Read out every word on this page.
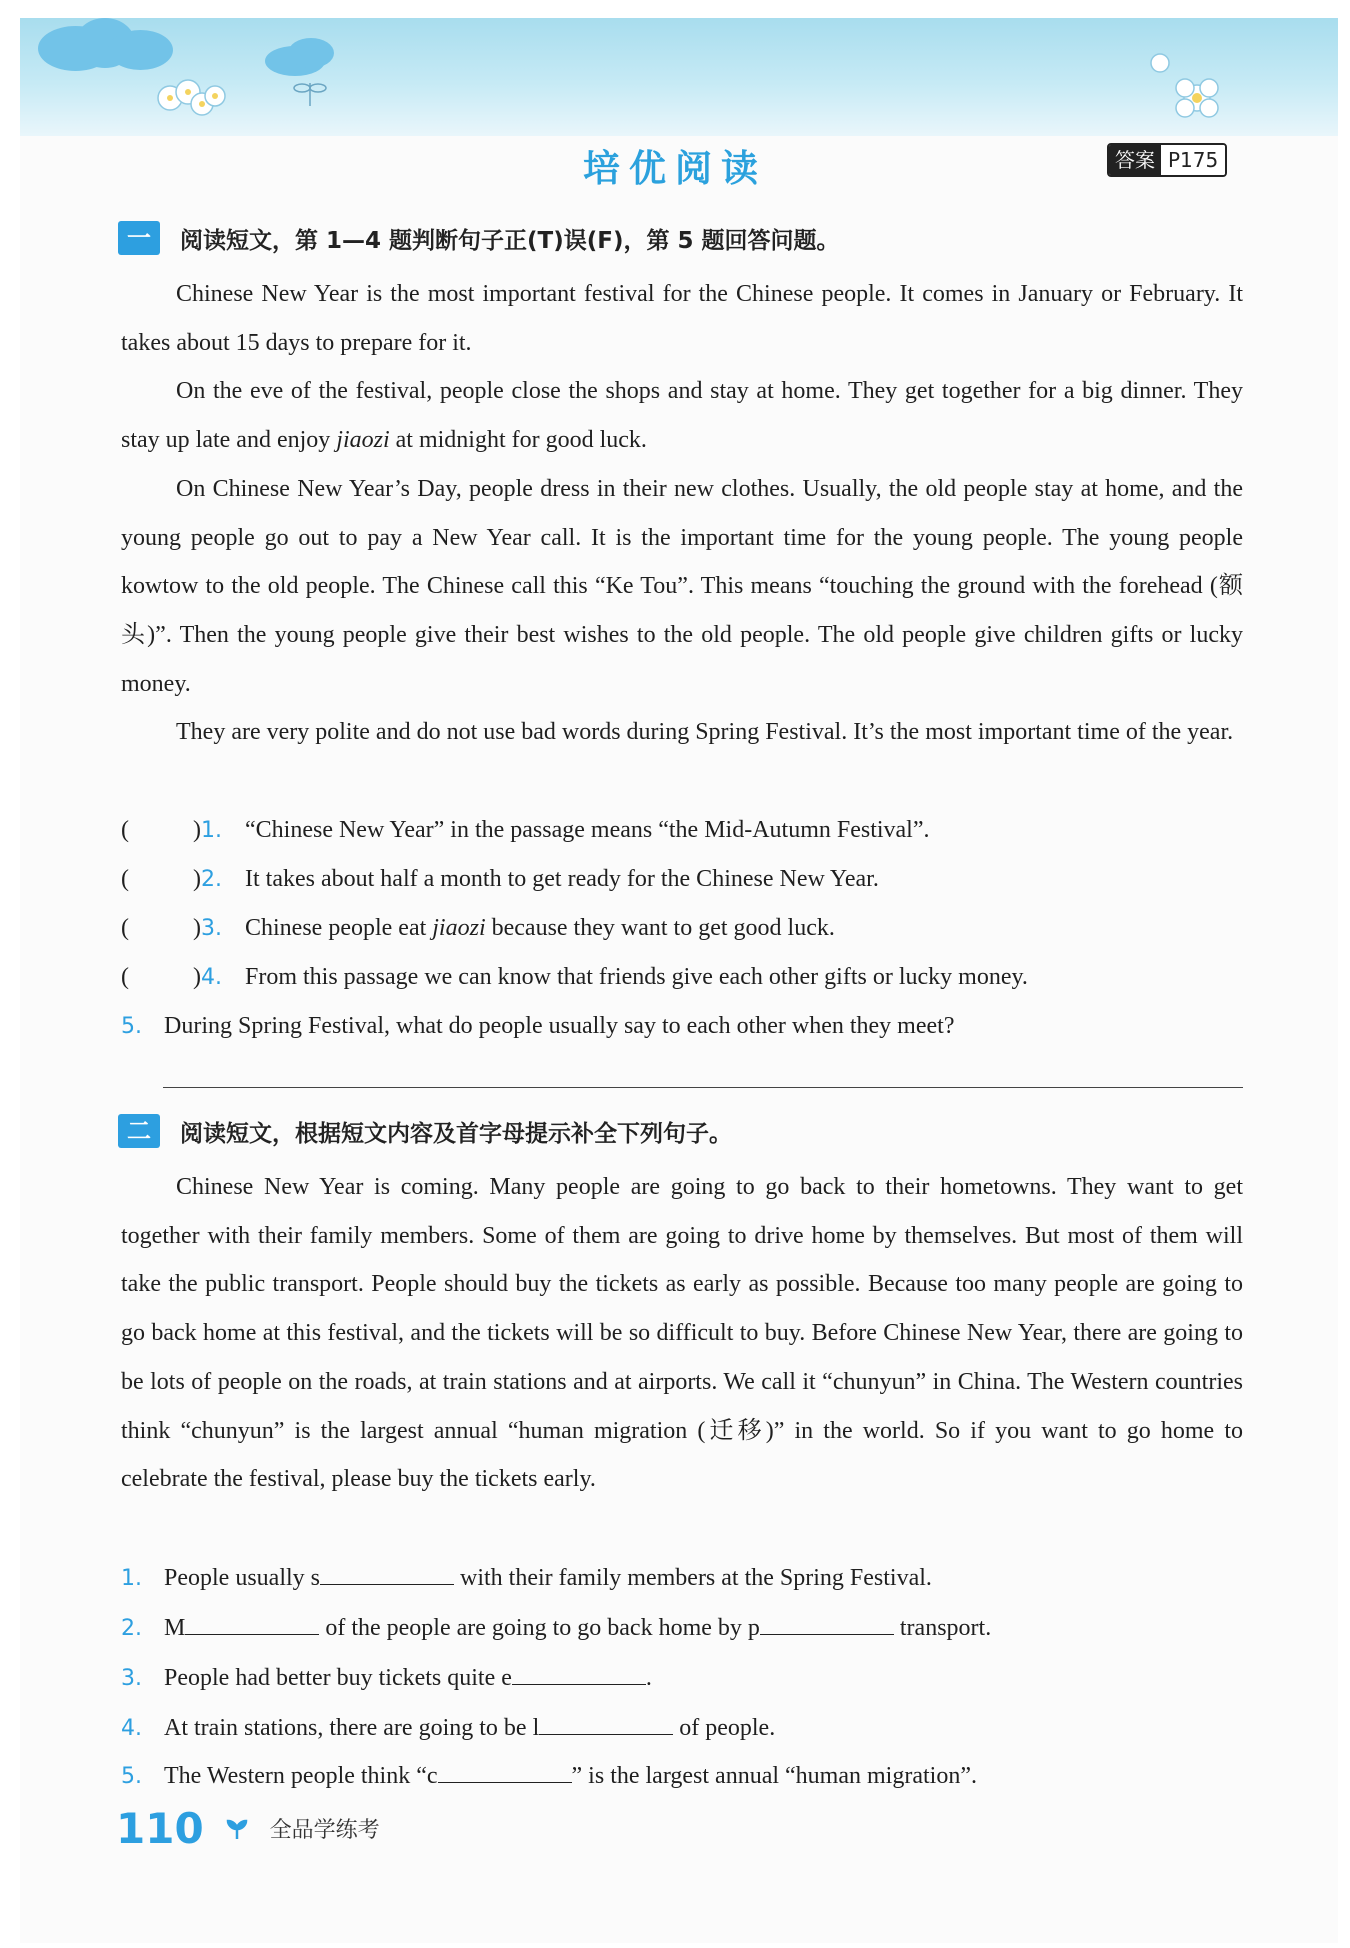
培优阅读	答案 P175
一	阅读短文，第 1—4 题判断句子正(T)误(F)，第 5 题回答问题。

Chinese New Year is the most important festival for the Chinese people. It comes in January or February. It takes about 15 days to prepare for it.

On the eve of the festival, people close the shops and stay at home. They get together for a big dinner. They stay up late and enjoy jiaozi at midnight for good luck.

On Chinese New Year’s Day, people dress in their new clothes. Usually, the old people stay at home, and the young people go out to pay a New Year call. It is the important time for the young people. The young people kowtow to the old people. The Chinese call this “Ke Tou”. This means “touching the ground with the forehead (额头)”. Then the young people give their best wishes to the old people. The old people give children gifts or lucky money.

They are very polite and do not use bad words during Spring Festival. It’s the most important time of the year.

(	)1. “Chinese New Year” in the passage means “the Mid-Autumn Festival”.
(	)2. It takes about half a month to get ready for the Chinese New Year.
(	)3. Chinese people eat jiaozi because they want to get good luck.
(	)4. From this passage we can know that friends give each other gifts or lucky money.
5. During Spring Festival, what do people usually say to each other when they meet?
二	阅读短文，根据短文内容及首字母提示补全下列句子。

Chinese New Year is coming. Many people are going to go back to their hometowns. They want to get together with their family members. Some of them are going to drive home by themselves. But most of them will take the public transport. People should buy the tickets as early as possible. Because too many people are going to go back home at this festival, and the tickets will be so difficult to buy. Before Chinese New Year, there are going to be lots of people on the roads, at train stations and at airports. We call it “chunyun” in China. The Western countries think “chunyun” is the largest annual “human migration (迁移)” in the world. So if you want to go home to celebrate the festival, please buy the tickets early.

1. People usually s	with their family members at the Spring Festival.
2. M	of the people are going to go back home by p	transport.
3. People had better buy tickets quite e	.
4. At train stations, there are going to be l	of people.
5. The Western people think “c	” is the largest annual “human migration”.
110	全品学练考
